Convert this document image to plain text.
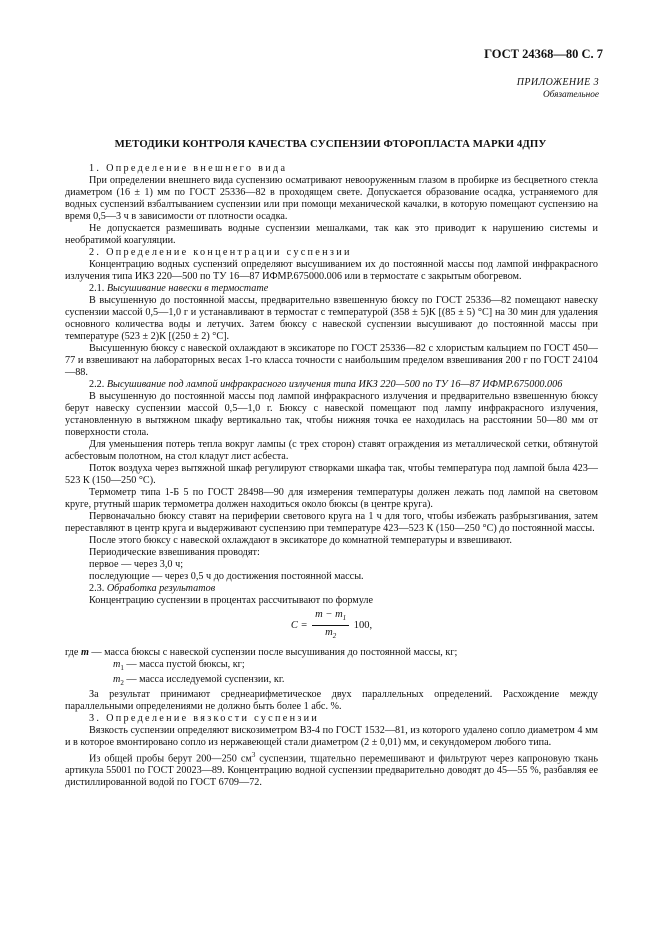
ГОСТ 24368—80 С. 7
ПРИЛОЖЕНИЕ 3
Обязательное
МЕТОДИКИ КОНТРОЛЯ КАЧЕСТВА СУСПЕНЗИИ ФТОРОПЛАСТА МАРКИ 4ДПУ
1. Определение внешнего вида

При определении внешнего вида суспензию осматривают невооруженным глазом в пробирке из бесцветного стекла диаметром (16 ± 1) мм по ГОСТ 25336—82 в проходящем свете. Допускается образование осадка, устраняемого для водных суспензий взбалтыванием суспензии или при помощи механической качалки, в которую помещают суспензию на время 0,5—3 ч в зависимости от плотности осадка.

Не допускается размешивать водные суспензии мешалками, так как это приводит к нарушению системы и необратимой коагуляции.

2. Определение концентрации суспензии

Концентрацию водных суспензий определяют высушиванием их до постоянной массы под лампой инфракрасного излучения типа ИКЗ 220—500 по ТУ 16—87 ИФМР.675000.006 или в термостате с закрытым обогревом.

2.1. Высушивание навески в термостате

В высушенную до постоянной массы, предварительно взвешенную бюксу по ГОСТ 25336—82 помещают навеску суспензии массой 0,5—1,0 г и устанавливают в термостат с температурой (358 ± 5)К [(85 ± 5) °С] на 30 мин для удаления основного количества воды и летучих. Затем бюксу с навеской суспензии высушивают до постоянной массы при температуре (523 ± 2)К [(250 ± 2) °С].

Высушенную бюксу с навеской охлаждают в эксикаторе по ГОСТ 25336—82 с хлористым кальцием по ГОСТ 450—77 и взвешивают на лабораторных весах 1-го класса точности с наибольшим пределом взвешивания 200 г по ГОСТ 24104—88.

2.2. Высушивание под лампой инфракрасного излучения типа ИКЗ 220—500 по ТУ 16—87 ИФМР.675000.006

В высушенную до постоянной массы под лампой инфракрасного излучения и предварительно взвешенную бюксу берут навеску суспензии массой 0,5—1,0 г. Бюксу с навеской помещают под лампу инфракрасного излучения, установленную в вытяжном шкафу вертикально так, чтобы нижняя точка ее находилась на расстоянии 50—80 мм от поверхности стола.

Для уменьшения потерь тепла вокруг лампы (с трех сторон) ставят ограждения из металлической сетки, обтянутой асбестовым полотном, на стол кладут лист асбеста.

Поток воздуха через вытяжной шкаф регулируют створками шкафа так, чтобы температура под лампой была 423—523 К (150—250 °С).

Термометр типа 1-Б 5 по ГОСТ 28498—90 для измерения температуры должен лежать под лампой на световом круге, ртутный шарик термометра должен находиться около бюксы (в центре круга).

Первоначально бюксу ставят на периферии светового круга на 1 ч для того, чтобы избежать разбрызгивания, затем переставляют в центр круга и выдерживают суспензию при температуре 423—523 К (150—250 °С) до постоянной массы.

После этого бюксу с навеской охлаждают в эксикаторе до комнатной температуры и взвешивают.

Периодические взвешивания проводят:

первое — через 3,0 ч;

последующие — через 0,5 ч до достижения постоянной массы.

2.3. Обработка результатов

Концентрацию суспензии в процентах рассчитывают по формуле

$C = \frac{m - m_1}{m_2} 100$,

где m — масса бюксы с навеской суспензии после высушивания до постоянной массы, кг;

$m_1$ — масса пустой бюксы, кг;

$m_2$ — масса исследуемой суспензии, кг.

За результат принимают среднеарифметическое двух параллельных определений. Расхождение между параллельными определениями не должно быть более 1 абс. %.

3. Определение вязкости суспензии

Вязкость суспензии определяют вискозиметром ВЗ-4 по ГОСТ 1532—81, из которого удалено сопло диаметром 4 мм и в которое вмонтировано сопло из нержавеющей стали диаметром (2 ± 0,01) мм, и секундомером любого типа.

Из общей пробы берут 200—250 $см^3$ суспензии, тщательно перемешивают и фильтруют через капроновую ткань артикула 55001 по ГОСТ 20023—89. Концентрацию водной суспензии предварительно доводят до 45—55 %, разбавляя ее дистиллированной водой по ГОСТ 6709—72.
